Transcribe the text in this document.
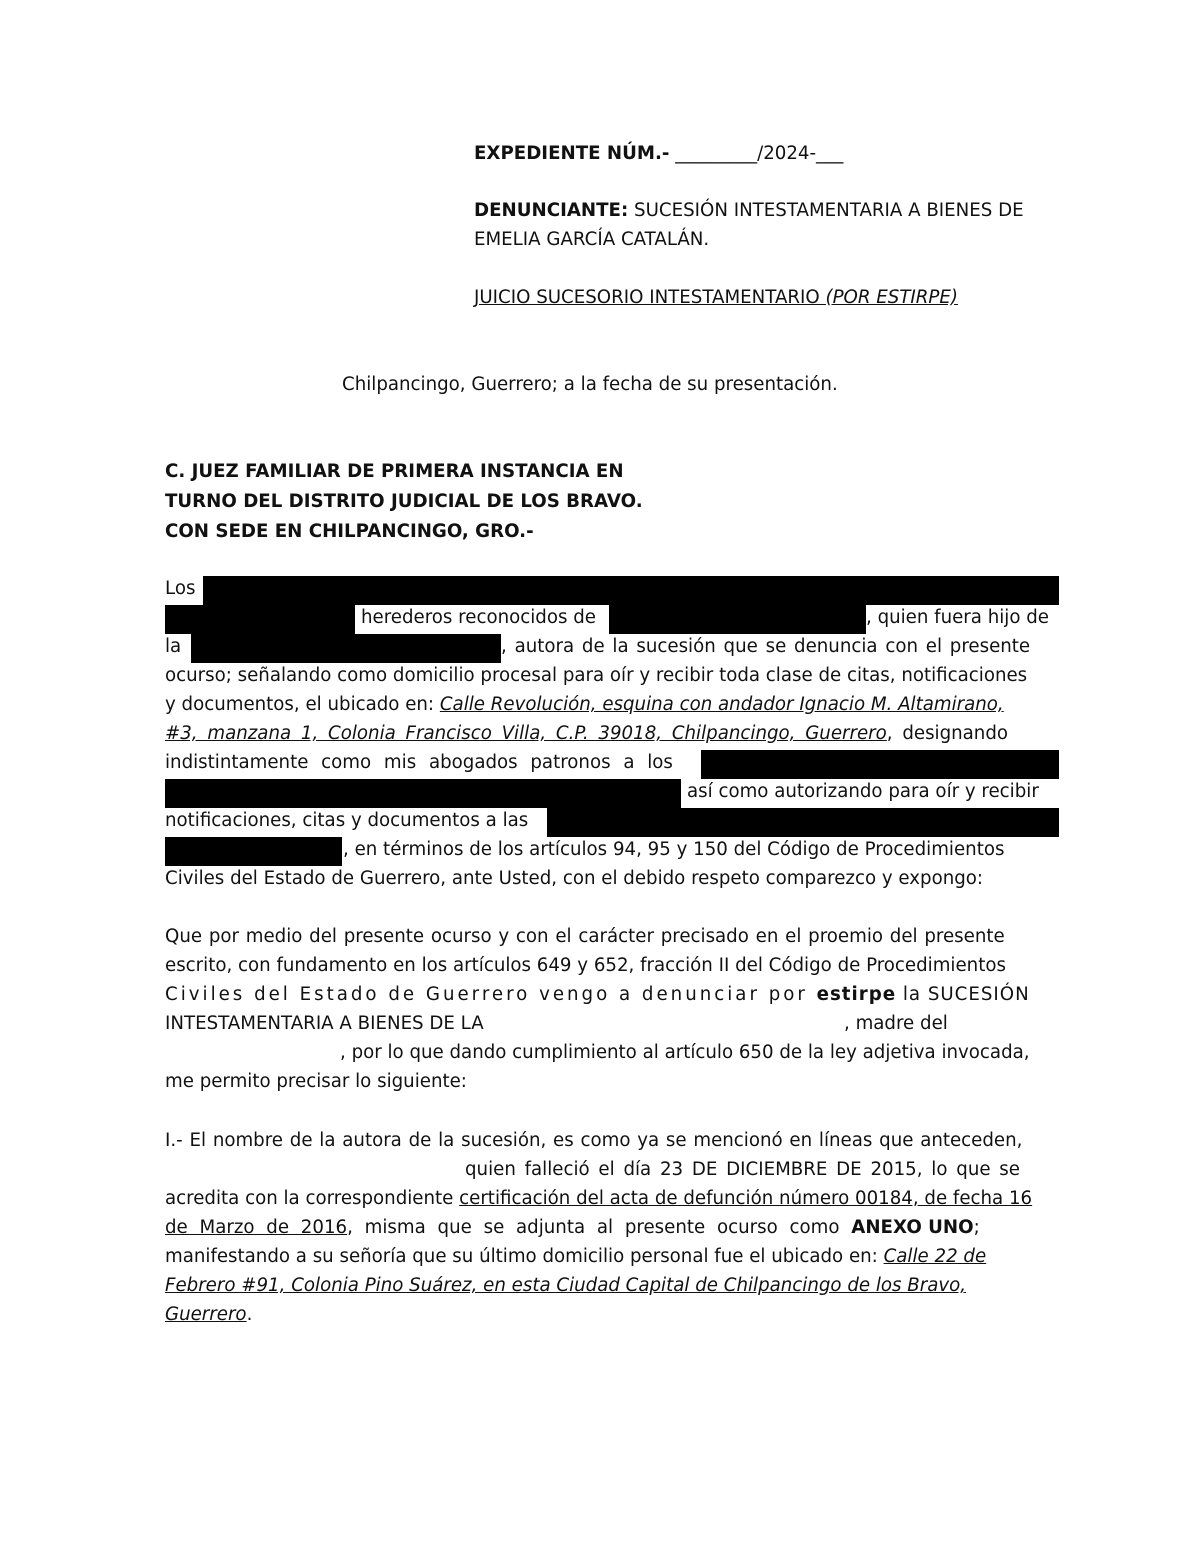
EXPEDIENTE NÚM.- _________/2024-___
DENUNCIANTE: SUCESIÓN INTESTAMENTARIA A BIENES DE
EMELIA GARCÍA CATALÁN.
JUICIO SUCESORIO INTESTAMENTARIO (POR ESTIRPE)
Chilpancingo, Guerrero; a la fecha de su presentación.
C. JUEZ FAMILIAR DE PRIMERA INSTANCIA EN
TURNO DEL DISTRITO JUDICIAL DE LOS BRAVO.
CON SEDE EN CHILPANCINGO, GRO.-
Los
herederos reconocidos de	, quien fuera hijo de
la	, autora de la sucesión que se denuncia con el presente
ocurso; señalando como domicilio procesal para oír y recibir toda clase de citas, notificaciones
y documentos, el ubicado en: Calle Revolución, esquina con andador Ignacio M. Altamirano,
#3, manzana 1, Colonia Francisco Villa, C.P. 39018, Chilpancingo, Guerrero, designando
indistintamente como mis abogados patronos a los
así como autorizando para oír y recibir
notificaciones, citas y documentos a las
, en términos de los artículos 94, 95 y 150 del Código de Procedimientos
Civiles del Estado de Guerrero, ante Usted, con el debido respeto comparezco y expongo:
Que por medio del presente ocurso y con el carácter precisado en el proemio del presente
escrito, con fundamento en los artículos 649 y 652, fracción II del Código de Procedimientos
Civiles del Estado de Guerrero vengo a denunciar por estirpe la SUCESIÓN
INTESTAMENTARIA A BIENES DE LA	, madre del
, por lo que dando cumplimiento al artículo 650 de la ley adjetiva invocada,
me permito precisar lo siguiente:
I.- El nombre de la autora de la sucesión, es como ya se mencionó en líneas que anteceden,
quien falleció el día 23 DE DICIEMBRE DE 2015, lo que se
acredita con la correspondiente certificación del acta de defunción número 00184, de fecha 16
de Marzo de 2016, misma que se adjunta al presente ocurso como ANEXO UNO;
manifestando a su señoría que su último domicilio personal fue el ubicado en: Calle 22 de
Febrero #91, Colonia Pino Suárez, en esta Ciudad Capital de Chilpancingo de los Bravo,
Guerrero.
